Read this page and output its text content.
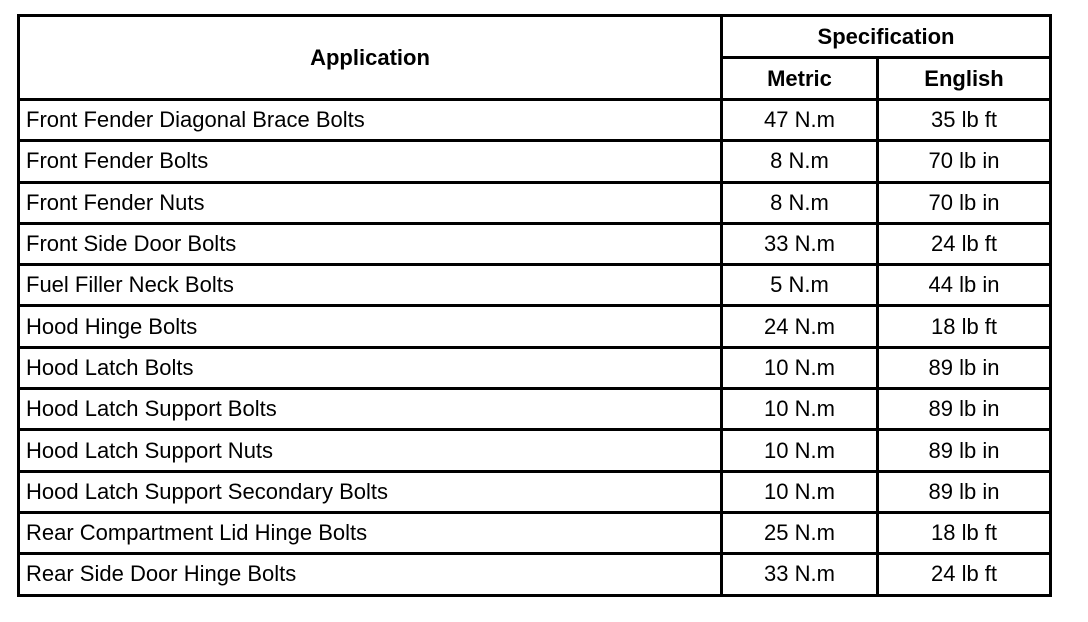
Application	Specification	
	Metric	English
Front Fender Diagonal Brace Bolts	47 N.m	35 lb ft
Front Fender Bolts	8 N.m	70 lb in
Front Fender Nuts	8 N.m	70 lb in
Front Side Door Bolts	33 N.m	24 lb ft
Fuel Filler Neck Bolts	5 N.m	44 lb in
Hood Hinge Bolts	24 N.m	18 lb ft
Hood Latch Bolts	10 N.m	89 lb in
Hood Latch Support Bolts	10 N.m	89 lb in
Hood Latch Support Nuts	10 N.m	89 lb in
Hood Latch Support Secondary Bolts	10 N.m	89 lb in
Rear Compartment Lid Hinge Bolts	25 N.m	18 lb ft
Rear Side Door Hinge Bolts	33 N.m	24 lb ft
